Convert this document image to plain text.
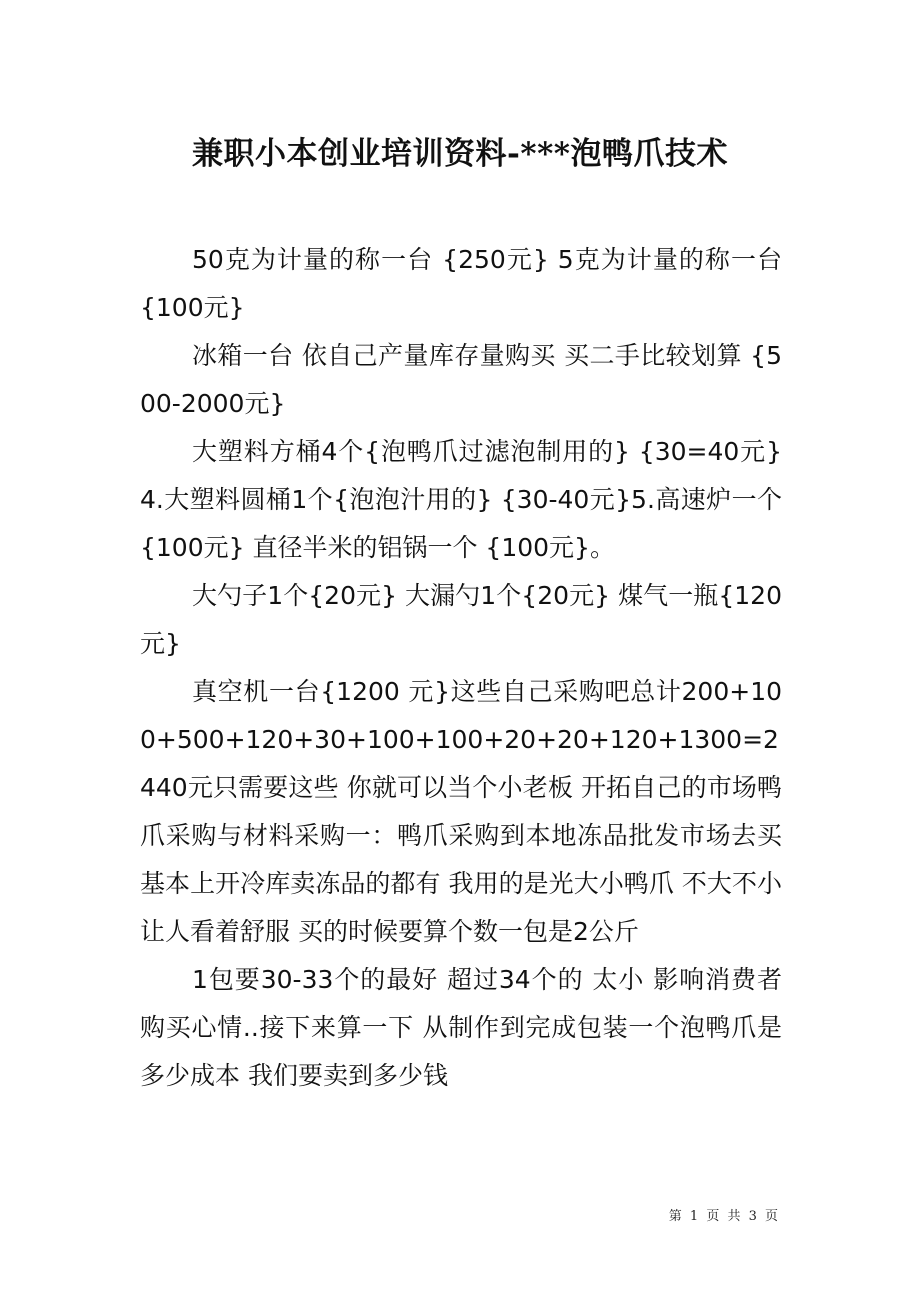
兼职小本创业培训资料-***泡鸭爪技术

50克为计量的称一台 {250元} 5克为计量的称一台 {100元}

冰箱一台 依自己产量库存量购买 买二手比较划算 {500-2000元}

大塑料方桶4个{泡鸭爪过滤泡制用的} {30=40元}4.大塑料圆桶1个{泡泡汁用的} {30-40元}5.高速炉一个 {100元} 直径半米的铝锅一个 {100元}。

大勺子1个{20元} 大漏勺1个{20元} 煤气一瓶{120元}

真空机一台{1200 元}这些自己采购吧总计200+100+500+120+30+100+100+20+20+120+1300=2440元只需要这些 你就可以当个小老板 开拓自己的市场鸭爪采购与材料采购一：鸭爪采购到本地冻品批发市场去买 基本上开冷库卖冻品的都有 我用的是光大小鸭爪 不大不小 让人看着舒服 买的时候要算个数一包是2公斤

1包要30-33个的最好 超过34个的 太小 影响消费者购买心情..接下来算一下 从制作到完成包装一个泡鸭爪是多少成本 我们要卖到多少钱

第 1 页 共 3 页
